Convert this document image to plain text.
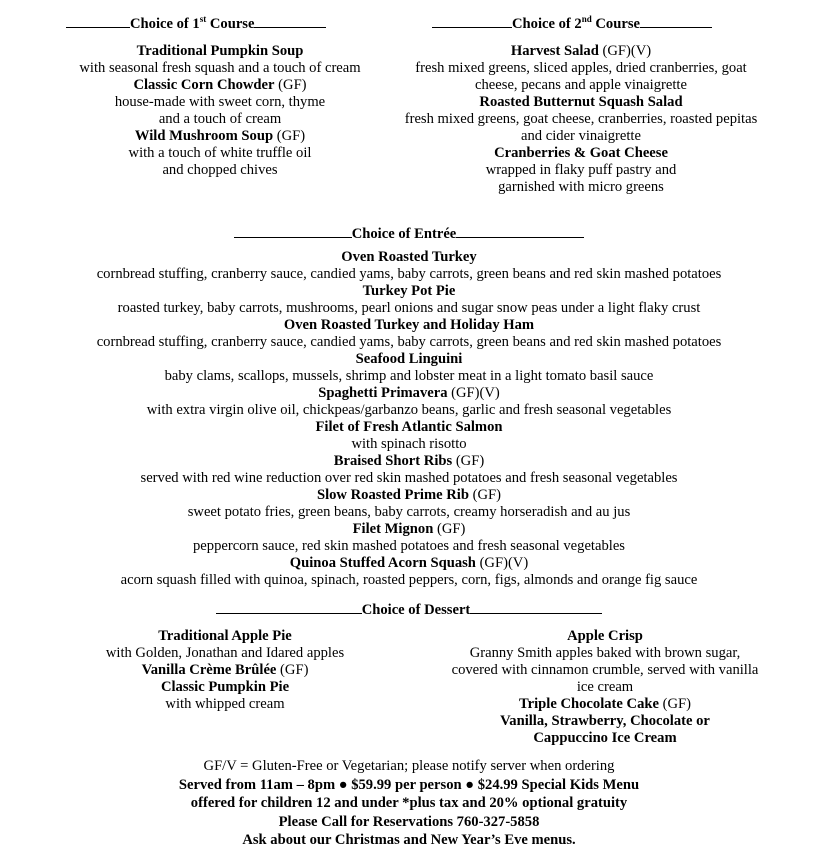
Choice of 1st Course	Choice of 2nd Course
Traditional Pumpkin Soup
with seasonal fresh squash and a touch of cream
Classic Corn Chowder (GF)
house-made with sweet corn, thyme
and a touch of cream
Wild Mushroom Soup (GF)
with a touch of white truffle oil
and chopped chives
Harvest Salad (GF)(V)
fresh mixed greens, sliced apples, dried cranberries, goat
cheese, pecans and apple vinaigrette
Roasted Butternut Squash Salad
fresh mixed greens, goat cheese, cranberries, roasted pepitas
and cider vinaigrette
Cranberries & Goat Cheese
wrapped in flaky puff pastry and
garnished with micro greens
Choice of Entrée
Oven Roasted Turkey
cornbread stuffing, cranberry sauce, candied yams, baby carrots, green beans and red skin mashed potatoes
Turkey Pot Pie
roasted turkey, baby carrots, mushrooms, pearl onions and sugar snow peas under a light flaky crust
Oven Roasted Turkey and Holiday Ham
cornbread stuffing, cranberry sauce, candied yams, baby carrots, green beans and red skin mashed potatoes
Seafood Linguini
baby clams, scallops, mussels, shrimp and lobster meat in a light tomato basil sauce
Spaghetti Primavera (GF)(V)
with extra virgin olive oil, chickpeas/garbanzo beans, garlic and fresh seasonal vegetables
Filet of Fresh Atlantic Salmon
with spinach risotto
Braised Short Ribs (GF)
served with red wine reduction over red skin mashed potatoes and fresh seasonal vegetables
Slow Roasted Prime Rib (GF)
sweet potato fries, green beans, baby carrots, creamy horseradish and au jus
Filet Mignon (GF)
peppercorn sauce, red skin mashed potatoes and fresh seasonal vegetables
Quinoa Stuffed Acorn Squash (GF)(V)
acorn squash filled with quinoa, spinach, roasted peppers, corn, figs, almonds and orange fig sauce
Choice of Dessert
Traditional Apple Pie
with Golden, Jonathan and Idared apples
Vanilla Crème Brûlée (GF)
Classic Pumpkin Pie
with whipped cream
Apple Crisp
Granny Smith apples baked with brown sugar,
covered with cinnamon crumble, served with vanilla
ice cream
Triple Chocolate Cake (GF)
Vanilla, Strawberry, Chocolate or
Cappuccino Ice Cream
GF/V = Gluten-Free or Vegetarian; please notify server when ordering
Served from 11am – 8pm ● $59.99 per person ● $24.99 Special Kids Menu
offered for children 12 and under *plus tax and 20% optional gratuity
Please Call for Reservations 760-327-5858
Ask about our Christmas and New Year’s Eve menus.
